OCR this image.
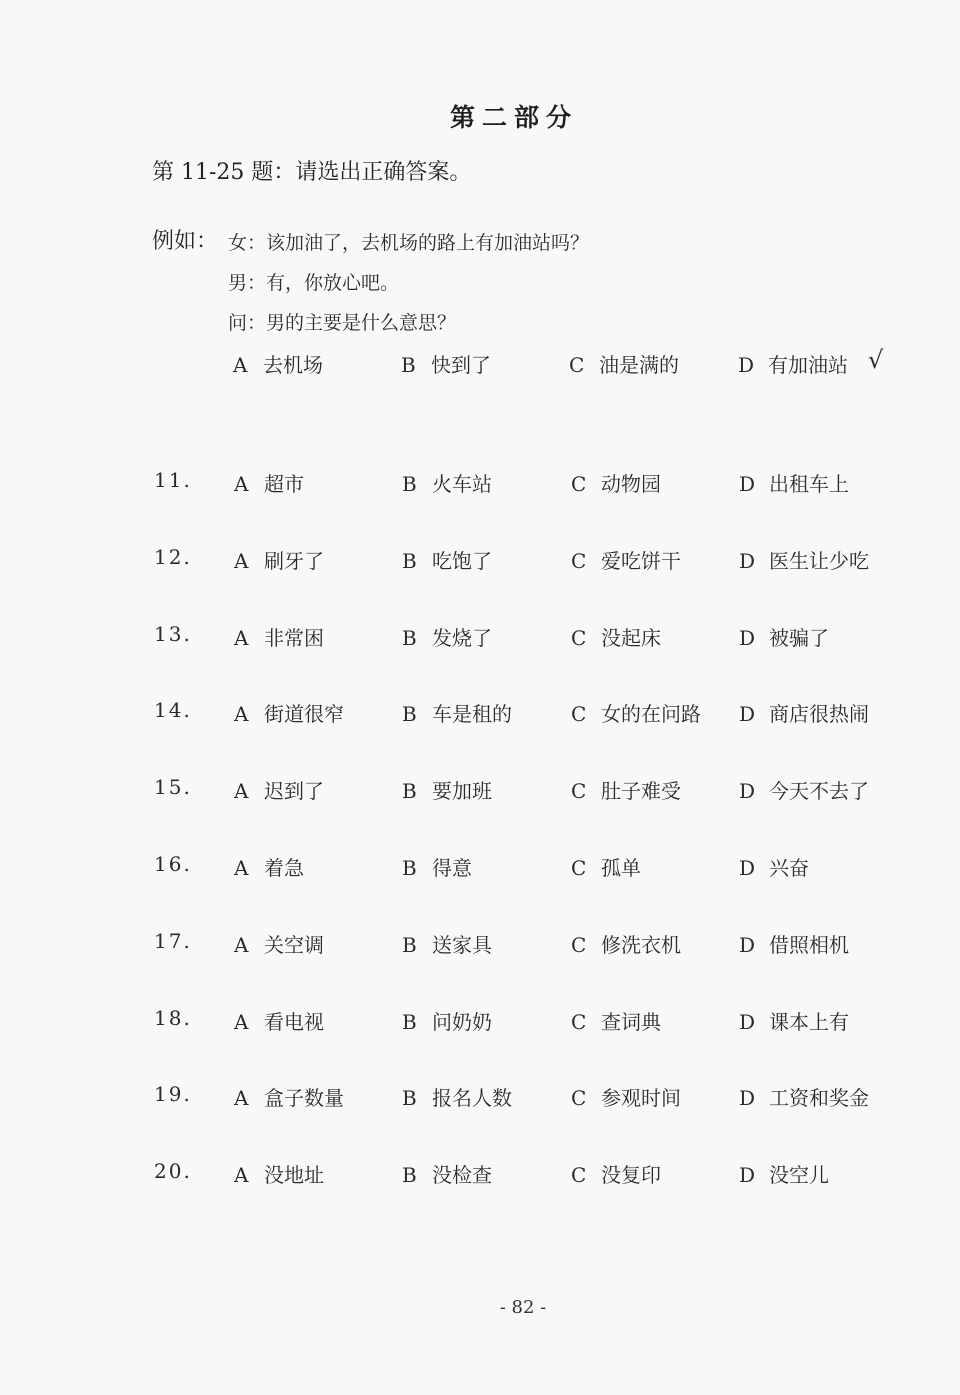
第二部分
第 11-25 题：请选出正确答案。
例如： 女：该加油了，去机场的路上有加油站吗？
男：有，你放心吧。
问：男的主要是什么意思？
A 去机场	B 快到了	C 油是满的	D 有加油站 √
11. A 超市	B 火车站	C 动物园	D 出租车上
12. A 刷牙了	B 吃饱了	C 爱吃饼干	D 医生让少吃
13. A 非常困	B 发烧了	C 没起床	D 被骗了
14. A 街道很窄	B 车是租的	C 女的在问路 D 商店很热闹
15. A 迟到了	B 要加班	C 肚子难受	D 今天不去了
16. A 着急	B 得意	C 孤单	D 兴奋
17. A 关空调	B 送家具	C 修洗衣机	D 借照相机
18. A 看电视	B 问奶奶	C 查词典	D 课本上有
19. A 盒子数量	B 报名人数	C 参观时间	D 工资和奖金
20. A 没地址	B 没检查	C 没复印	D 没空儿
- 82 -
